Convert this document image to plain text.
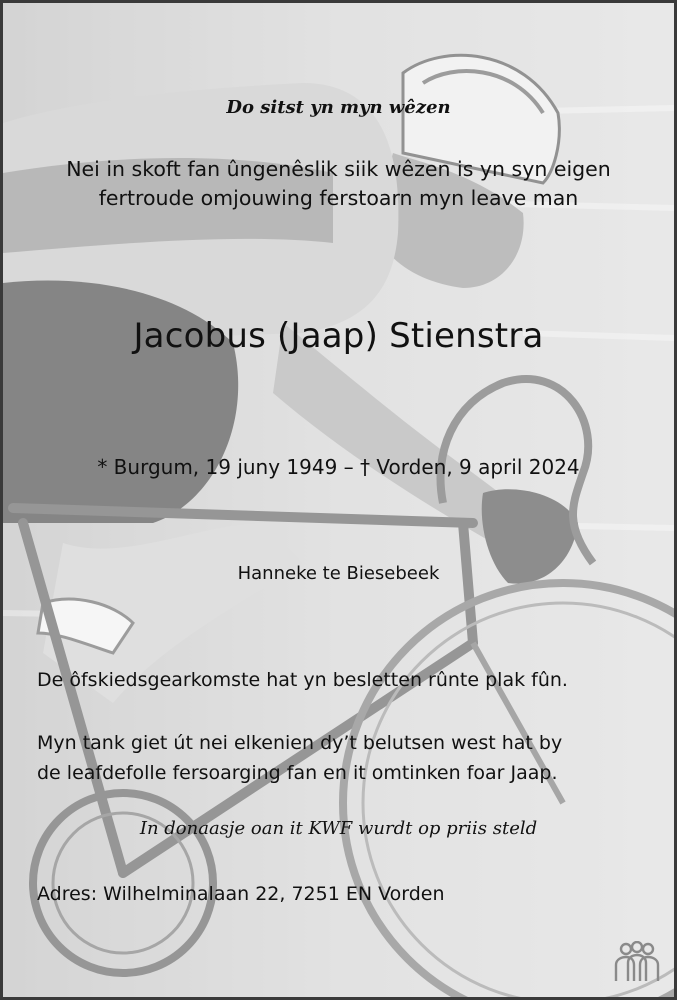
Do sitst yn myn wêzen
Nei in skoft fan ûngenêslik siik wêzen is yn syn eigen
fertroude omjouwing ferstoarn myn leave man
Jacobus (Jaap) Stienstra
* Burgum, 19 juny 1949 – † Vorden, 9 april 2024
Hanneke te Biesebeek
De ôfskiedsgearkomste hat yn besletten rûnte plak fûn.
Myn tank giet út nei elkenien dy’t belutsen west hat by
de leafdefolle fersoarging fan en it omtinken foar Jaap.
In donaasje oan it KWF wurdt op priis steld
Adres: Wilhelminalaan 22, 7251 EN Vorden
